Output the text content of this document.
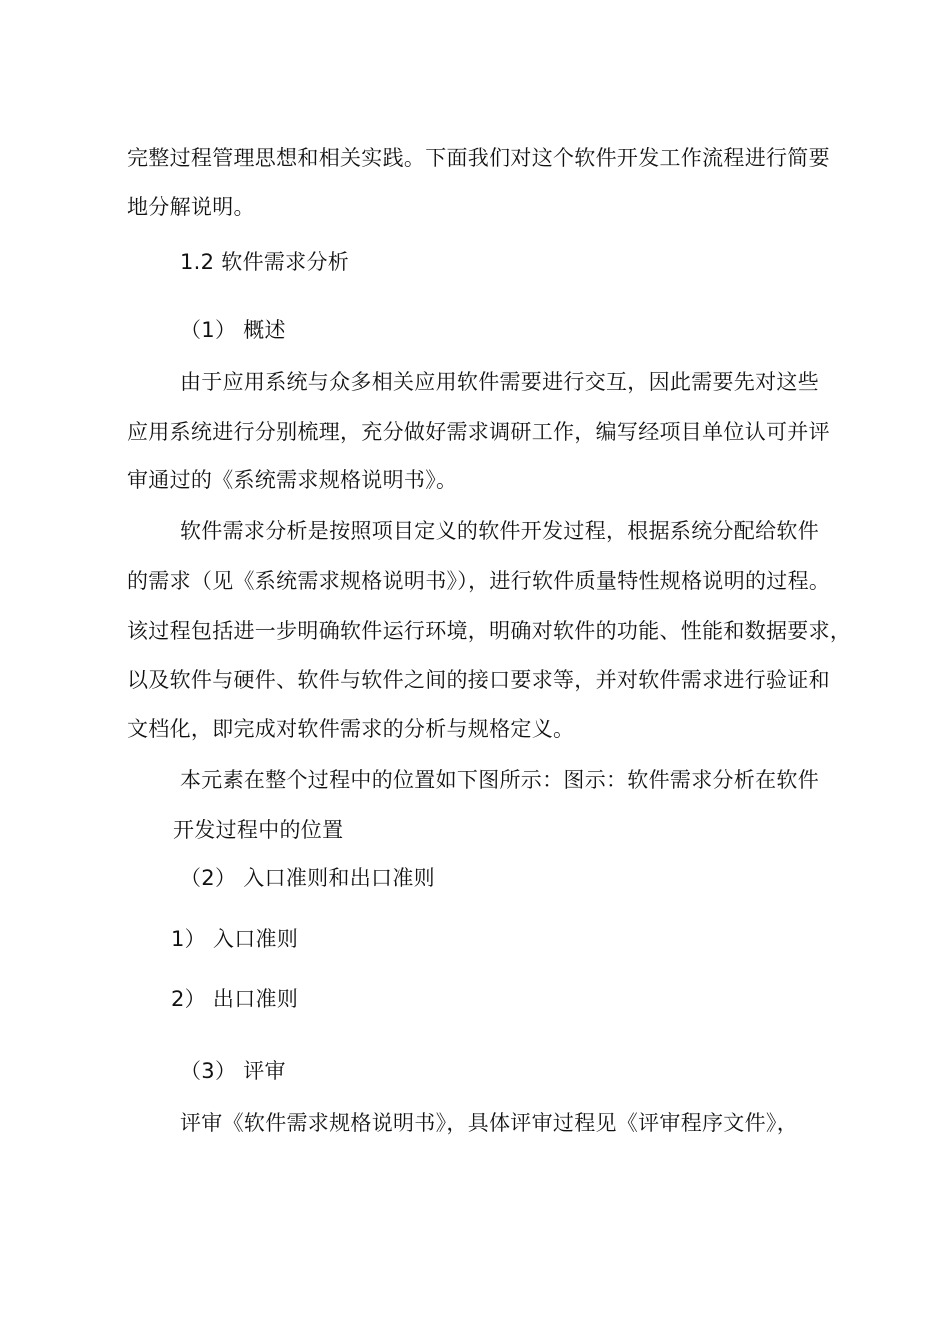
完整过程管理思想和相关实践。下面我们对这个软件开发工作流程进行简要
地分解说明。
1.2 软件需求分析
（1） 概述
由于应用系统与众多相关应用软件需要进行交互，因此需要先对这些
应用系统进行分别梳理，充分做好需求调研工作，编写经项目单位认可并评
审通过的《系统需求规格说明书》。
软件需求分析是按照项目定义的软件开发过程，根据系统分配给软件
的需求（见《系统需求规格说明书》），进行软件质量特性规格说明的过程。
该过程包括进一步明确软件运行环境，明确对软件的功能、性能和数据要求，
以及软件与硬件、软件与软件之间的接口要求等，并对软件需求进行验证和
文档化，即完成对软件需求的分析与规格定义。
本元素在整个过程中的位置如下图所示：图示：软件需求分析在软件
开发过程中的位置
（2） 入口准则和出口准则
1） 入口准则
2） 出口准则
（3） 评审
评审《软件需求规格说明书》，具体评审过程见《评审程序文件》，
